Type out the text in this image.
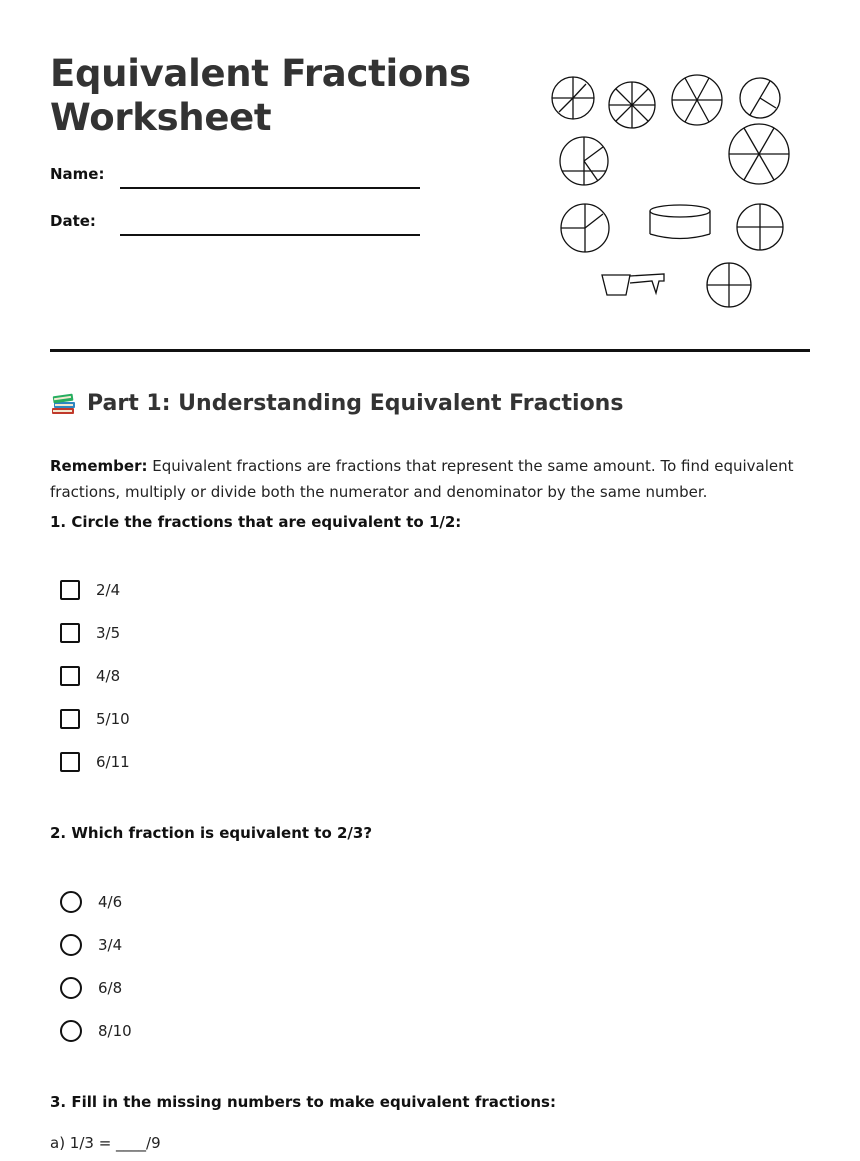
Equivalent Fractions
Worksheet
Name:
Date:
Part 1: Understanding Equivalent Fractions

Remember: Equivalent fractions are fractions that represent the same amount. To find equivalent fractions, multiply or divide both the numerator and denominator by the same number.

1. Circle the fractions that are equivalent to 1/2:
2/4
3/5
4/8
5/10
6/11
2. Which fraction is equivalent to 2/3?
4/6
3/4
6/8
8/10
3. Fill in the missing numbers to make equivalent fractions:
a) 1/3 = ____/9
